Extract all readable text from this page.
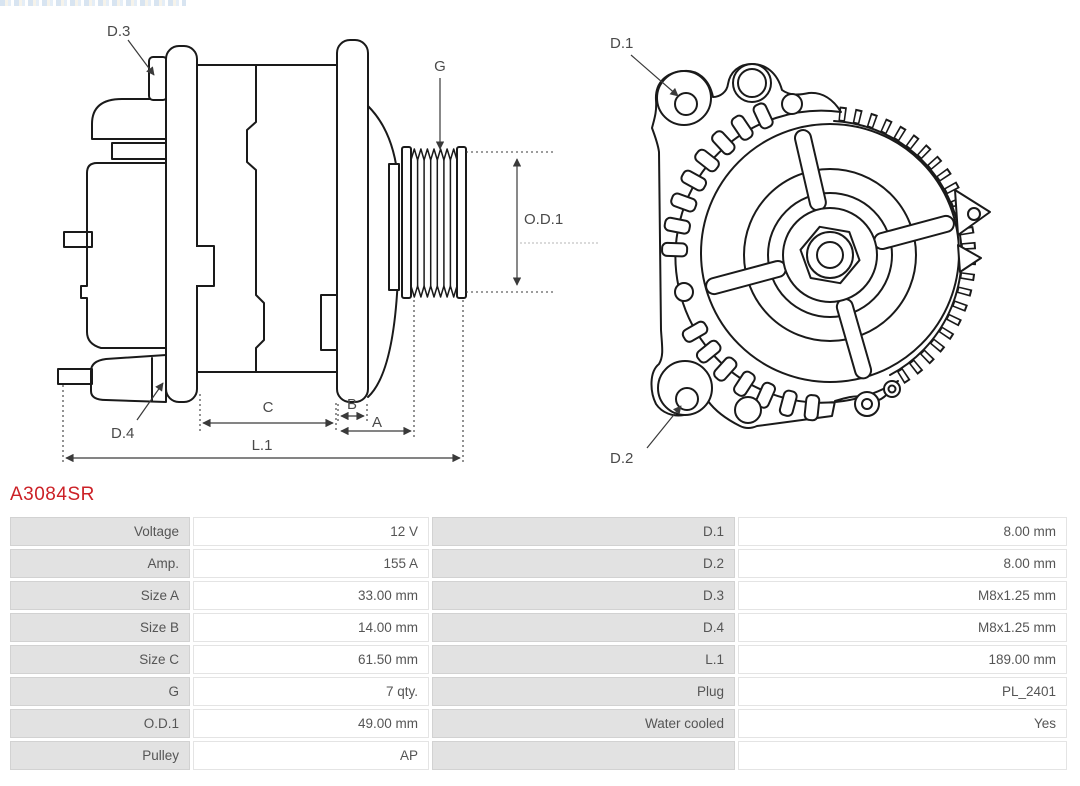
D.3
G
O.D.1
D.4
C	B
A
L.1
D.1
D.2
A3084SR
Voltage	12 V	D.1	8.00 mm
Amp.	155 A	D.2	8.00 mm
Size A	33.00 mm	D.3	M8x1.25 mm
Size B	14.00 mm	D.4	M8x1.25 mm
Size C	61.50 mm	L.1	189.00 mm
G	7 qty.	Plug	PL_2401
O.D.1	49.00 mm	Water cooled	Yes
Pulley	AP		
